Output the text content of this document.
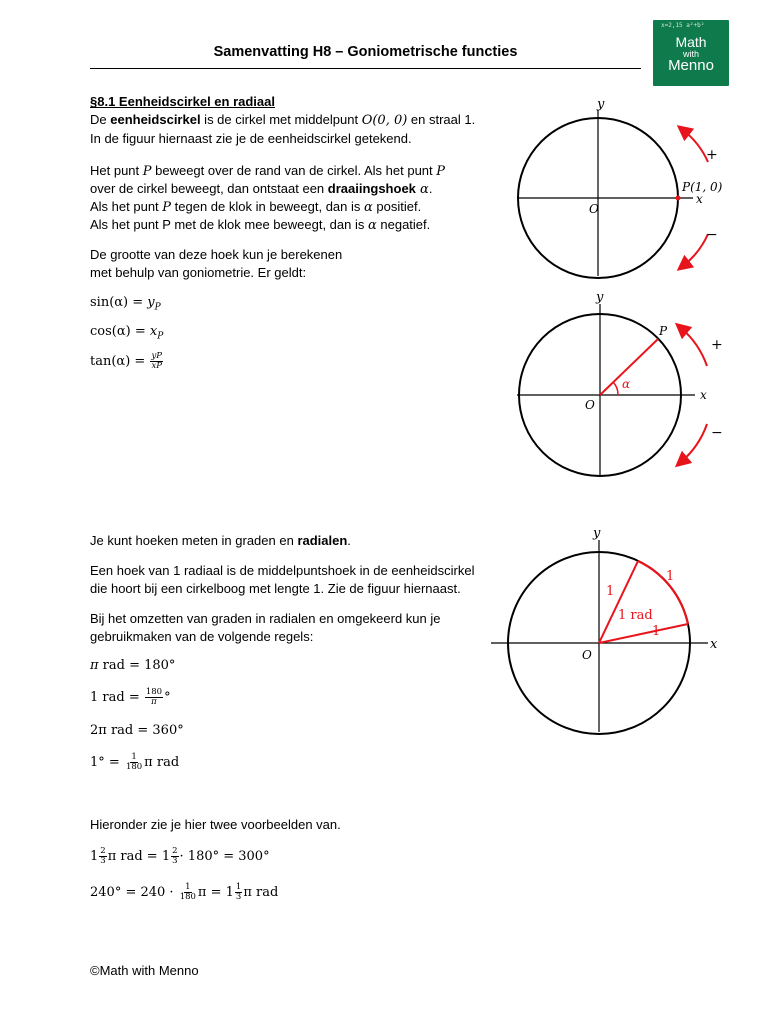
Samenvatting H8 – Goniometrische functies
x=2,15 a²+b²
Math
with
Menno
§8.1 Eenheidscirkel en radiaal
De eenheidscirkel is de cirkel met middelpunt O(0, 0) en straal 1.
In de figuur hiernaast zie je de eenheidscirkel getekend.
Het punt P beweegt over de rand van de cirkel. Als het punt P
over de cirkel beweegt, dan ontstaat een draaiingshoek α.
Als het punt P tegen de klok in beweegt, dan is α positief.
Als het punt P met de klok mee beweegt, dan is α negatief.
De grootte van deze hoek kun je berekenen
met behulp van goniometrie. Er geldt:
$\sin(\alpha) = y_P$
$\cos(\alpha) = x_P$
$\tan(\alpha) = \frac{yP}{xP}$
Je kunt hoeken meten in graden en radialen.
Een hoek van 1 radiaal is de middelpuntshoek in de eenheidscirkel
die hoort bij een cirkelboog met lengte 1. Zie de figuur hiernaast.
Bij het omzetten van graden in radialen en omgekeerd kun je
gebruikmaken van de volgende regels:
π rad = 180°
1 rad = $\frac{180}{\pi}$ °
2π rad = 360°
$1^\circ = \frac{1}{180}$ π rad
Hieronder zie je hier twee voorbeelden van.
$1 \frac{2}{3}$ π rad = $1 \frac{2}{3} \cdot 180^\circ = 300^\circ$
$240^\circ = 240 \cdot \frac{1}{180}$ $\pi = 1 \frac{1}{3}$ π rad
©Math with Menno
y
x
O
P(1, 0)
+
−
y
x
O
P
α
+
−
y
x
O
1
1
1
1 rad
